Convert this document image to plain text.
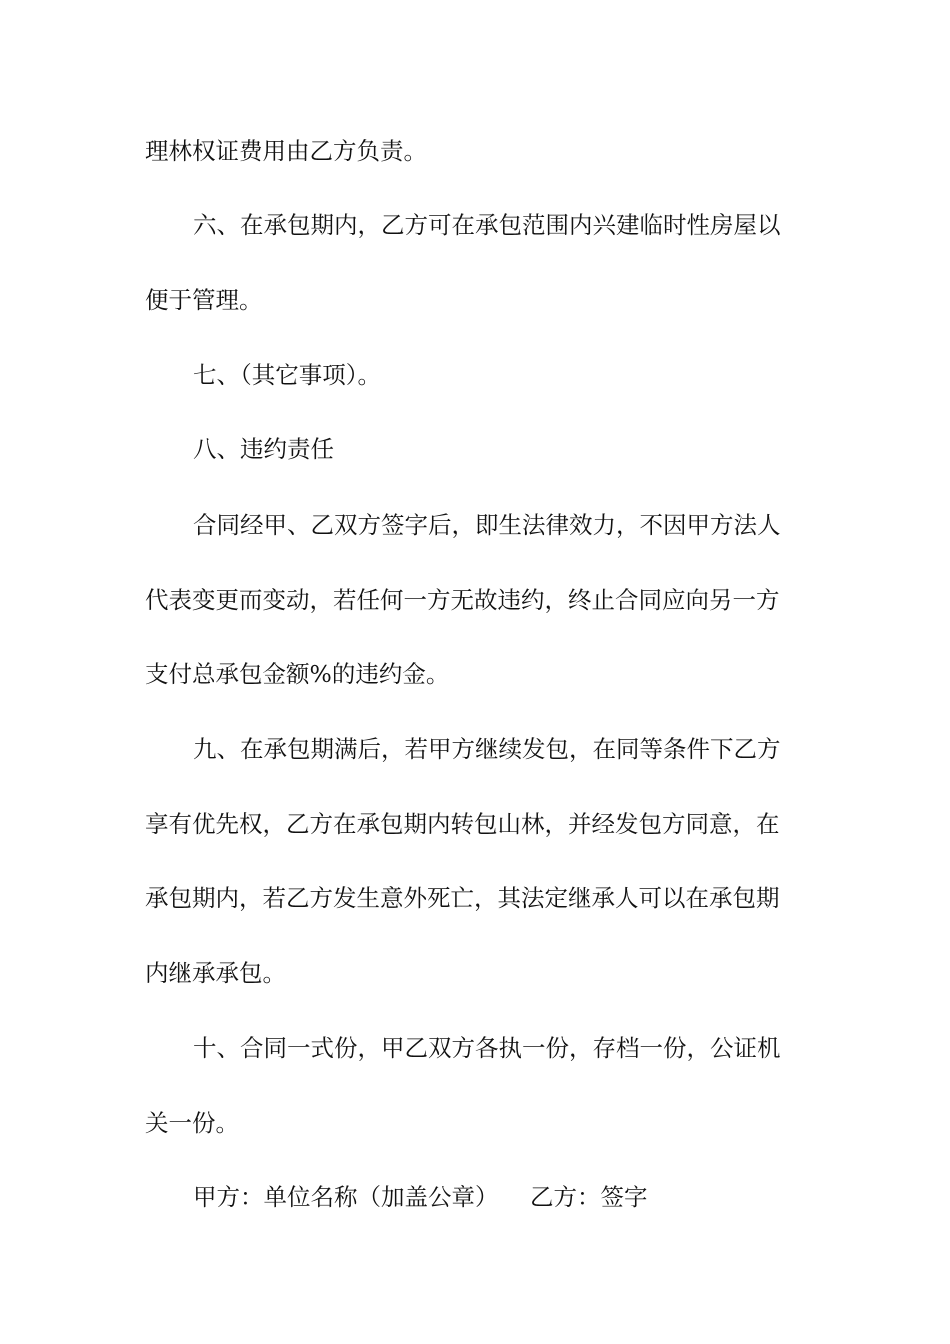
理林权证费用由乙方负责。
六、在承包期内，乙方可在承包范围内兴建临时性房屋以
便于管理。
七、（其它事项）。
八、违约责任
合同经甲、乙双方签字后，即生法律效力，不因甲方法人
代表变更而变动，若任何一方无故违约，终止合同应向另一方
支付总承包金额%的违约金。
九、在承包期满后，若甲方继续发包，在同等条件下乙方
享有优先权，乙方在承包期内转包山林，并经发包方同意，在
承包期内，若乙方发生意外死亡，其法定继承人可以在承包期
内继承承包。
十、合同一式份，甲乙双方各执一份，存档一份，公证机
关一份。
甲方：单位名称（加盖公章） 乙方：签字
